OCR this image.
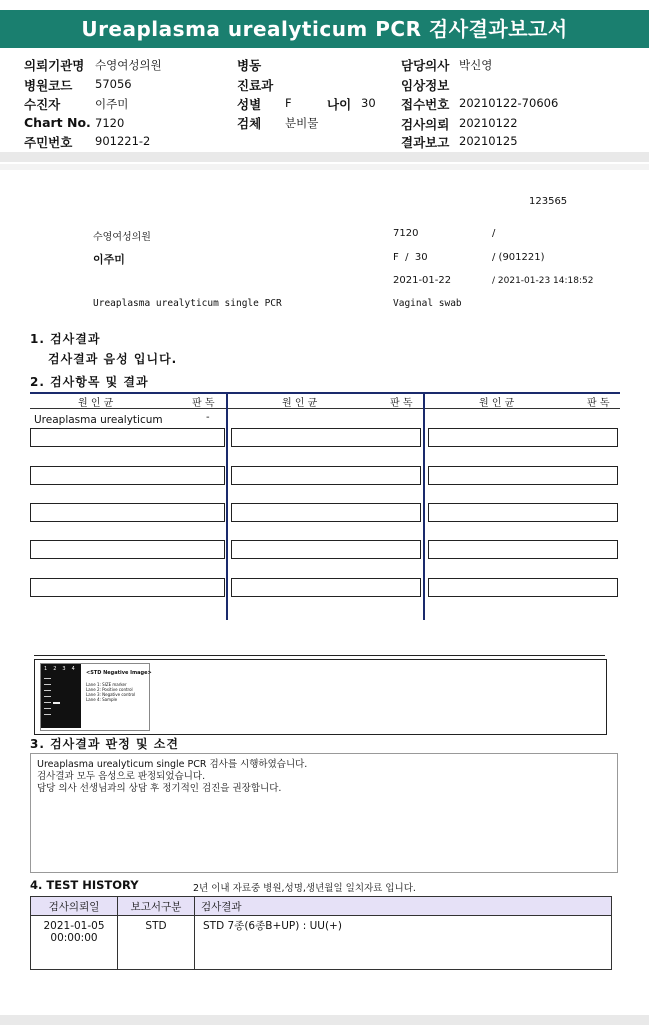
Ureaplasma urealyticum PCR 검사결과보고서
의뢰기관명 수영여성의원
병원코드 57056
수진자	이주미
Chart No. 7120
주민번호 901221-2
병동
진료과
성별 F	나이 30
검체 분비물
담당의사 박신영
임상정보
접수번호 20210122-70606
검사의뢰 20210122
결과보고 20210125
123565
수영여성의원	7120	/
이주미	F  /  30	/ (901221)
2021-01-22	/ 2021-01-23 14:18:52
Ureaplasma urealyticum single PCR	Vaginal swab
1. 검사결과
검사결과 음성 입니다.
2. 검사항목 및 결과
원 인 균	판 독	원 인 균	판 독	원 인 균	판 독
Ureaplasma urealyticum	-
1234
<STD Negative Image>
Lane 1: SIZE marker
Lane 2: Positive control
Lane 3: Negative control
Lane 4: Sample
3. 검사결과 판정 및 소견
Ureaplasma urealyticum single PCR 검사를 시행하였습니다.
검사결과 모두 음성으로 판정되었습니다.
담당 의사 선생님과의 상담 후 정기적인 검진을 권장합니다.
4. TEST HISTORY	2년 이내 자료중 병원,성명,생년월일 일치자료 입니다.
검사의뢰일	보고서구분	검사결과

2021-01-05
00:00:00	STD	STD 7종(6종B+UP) : UU(+)
